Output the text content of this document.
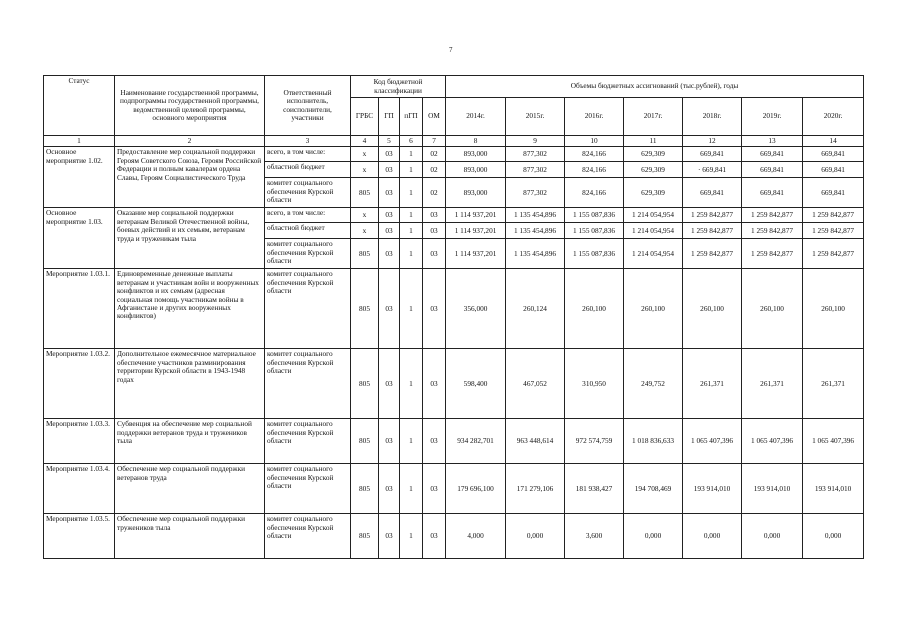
7
Статус	Наименование государственной программы, подпрограммы государственной программы, ведомственной целевой программы, основного мероприятия	Ответственный исполнитель, соисполнители, участники	Код бюджетной классификации				Объемы бюджетных ассигнований (тыс.рублей), годы						
			ГРБС	ГП	пГП	ОМ	2014г.	2015г.	2016г.	2017г.	2018г.	2019г.	2020г.
1	2	3	4	5	6	7	8	9	10	11	12	13	14
Основное мероприятие 1.02.	Предоставление мер социальной поддержки Героям Советского Союза, Героям Российской Федерации и полным кавалерам ордена Славы, Героям Социалистического Труда	всего, в том числе:	x	03	1	02	893,000	877,302	824,166	629,309	669,841	669,841	669,841
		областной бюджет	x	03	1	02	893,000	877,302	824,166	629,309	· 669,841	669,841	669,841
		комитет социального обеспечения Курской области	805	03	1	02	893,000	877,302	824,166	629,309	669,841	669,841	669,841
Основное мероприятие 1.03.	Оказание мер социальной поддержки ветеранам Великой Отечественной войны, боевых действий и их семьям, ветеранам труда и труженикам тыла	всего, в том числе:	x	03	1	03	1 114 937,201	1 135 454,896	1 155 087,836	1 214 054,954	1 259 842,877	1 259 842,877	1 259 842,877
		областной бюджет	x	03	1	03	1 114 937,201	1 135 454,896	1 155 087,836	1 214 054,954	1 259 842,877	1 259 842,877	1 259 842,877
		комитет социального обеспечения Курской области	805	03	1	03	1 114 937,201	1 135 454,896	1 155 087,836	1 214 054,954	1 259 842,877	1 259 842,877	1 259 842,877
Мероприятие 1.03.1.	Единовременные денежные выплаты ветеранам и участникам войн и вооруженных конфликтов и их семьям (адресная социальная помощь участникам войны в Афганистане и других вооруженных конфликтов)	комитет социального обеспечения Курской области	805	03	1	03	356,000	260,124	260,100	260,100	260,100	260,100	260,100
Мероприятие 1.03.2.	Дополнительное ежемесячное материальное обеспечение участников разминирования территории Курской области в 1943-1948 годах	комитет социального обеспечения Курской области	805	03	1	03	598,400	467,052	310,950	249,752	261,371	261,371	261,371
Мероприятие 1.03.3.	Субвенция на обеспечение мер социальной поддержки ветеранов труда и тружеников тыла	комитет социального обеспечения Курской области	805	03	1	03	934 282,701	963 448,614	972 574,759	1 018 836,633	1 065 407,396	1 065 407,396	1 065 407,396
Мероприятие 1.03.4.	Обеспечение мер социальной поддержки ветеранов труда	комитет социального обеспечения Курской области	805	03	1	03	179 696,100	171 279,106	181 938,427	194 708,469	193 914,010	193 914,010	193 914,010
Мероприятие 1.03.5.	Обеспечение мер социальной поддержки тружеников тыла	комитет социального обеспечения Курской области	805	03	1	03	4,000	0,000	3,600	0,000	0,000	0,000	0,000
